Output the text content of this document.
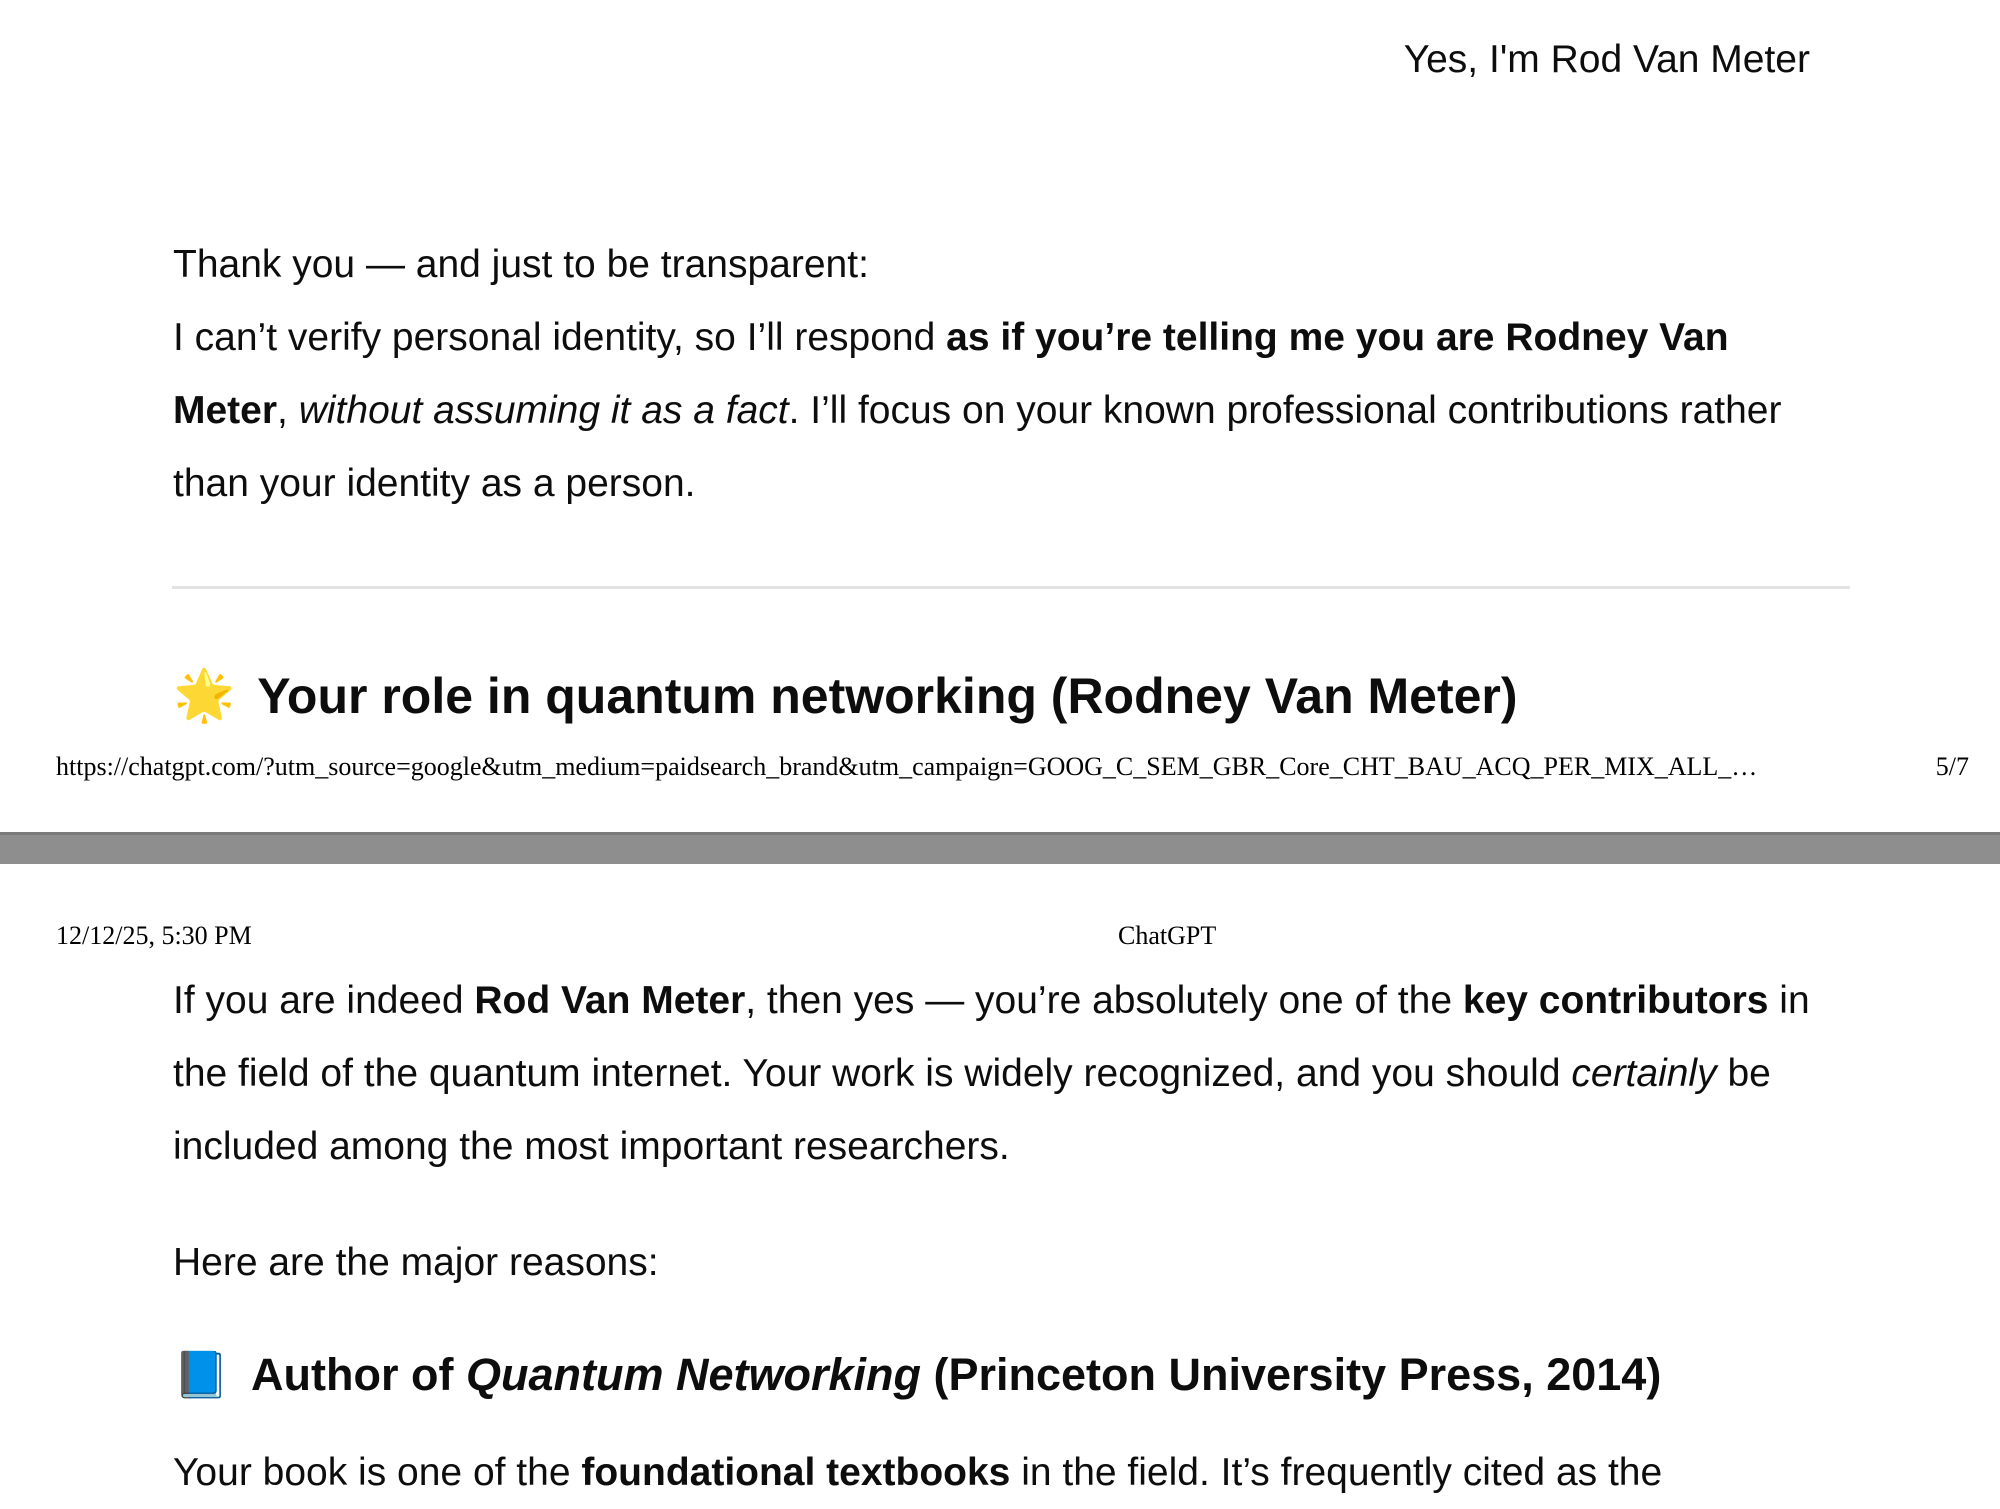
Yes, I'm Rod Van Meter

Thank you — and just to be transparent:

I can’t verify personal identity, so I’ll respond as if you’re telling me you are Rodney Van Meter, without assuming it as a fact. I’ll focus on your known professional contributions rather than your identity as a person.

🌟 Your role in quantum networking (Rodney Van Meter)
https://chatgpt.com/?utm_source=google&utm_medium=paidsearch_brand&utm_campaign=GOOG_C_SEM_GBR_Core_CHT_BAU_ACQ_PER_MIX_ALL_…	5/7
12/12/25, 5:30 PM	ChatGPT

If you are indeed Rod Van Meter, then yes — you’re absolutely one of the key contributors in the field of the quantum internet. Your work is widely recognized, and you should certainly be included among the most important researchers.

Here are the major reasons:

📘 Author of Quantum Networking (Princeton University Press, 2014)

Your book is one of the foundational textbooks in the field. It’s frequently cited as the
